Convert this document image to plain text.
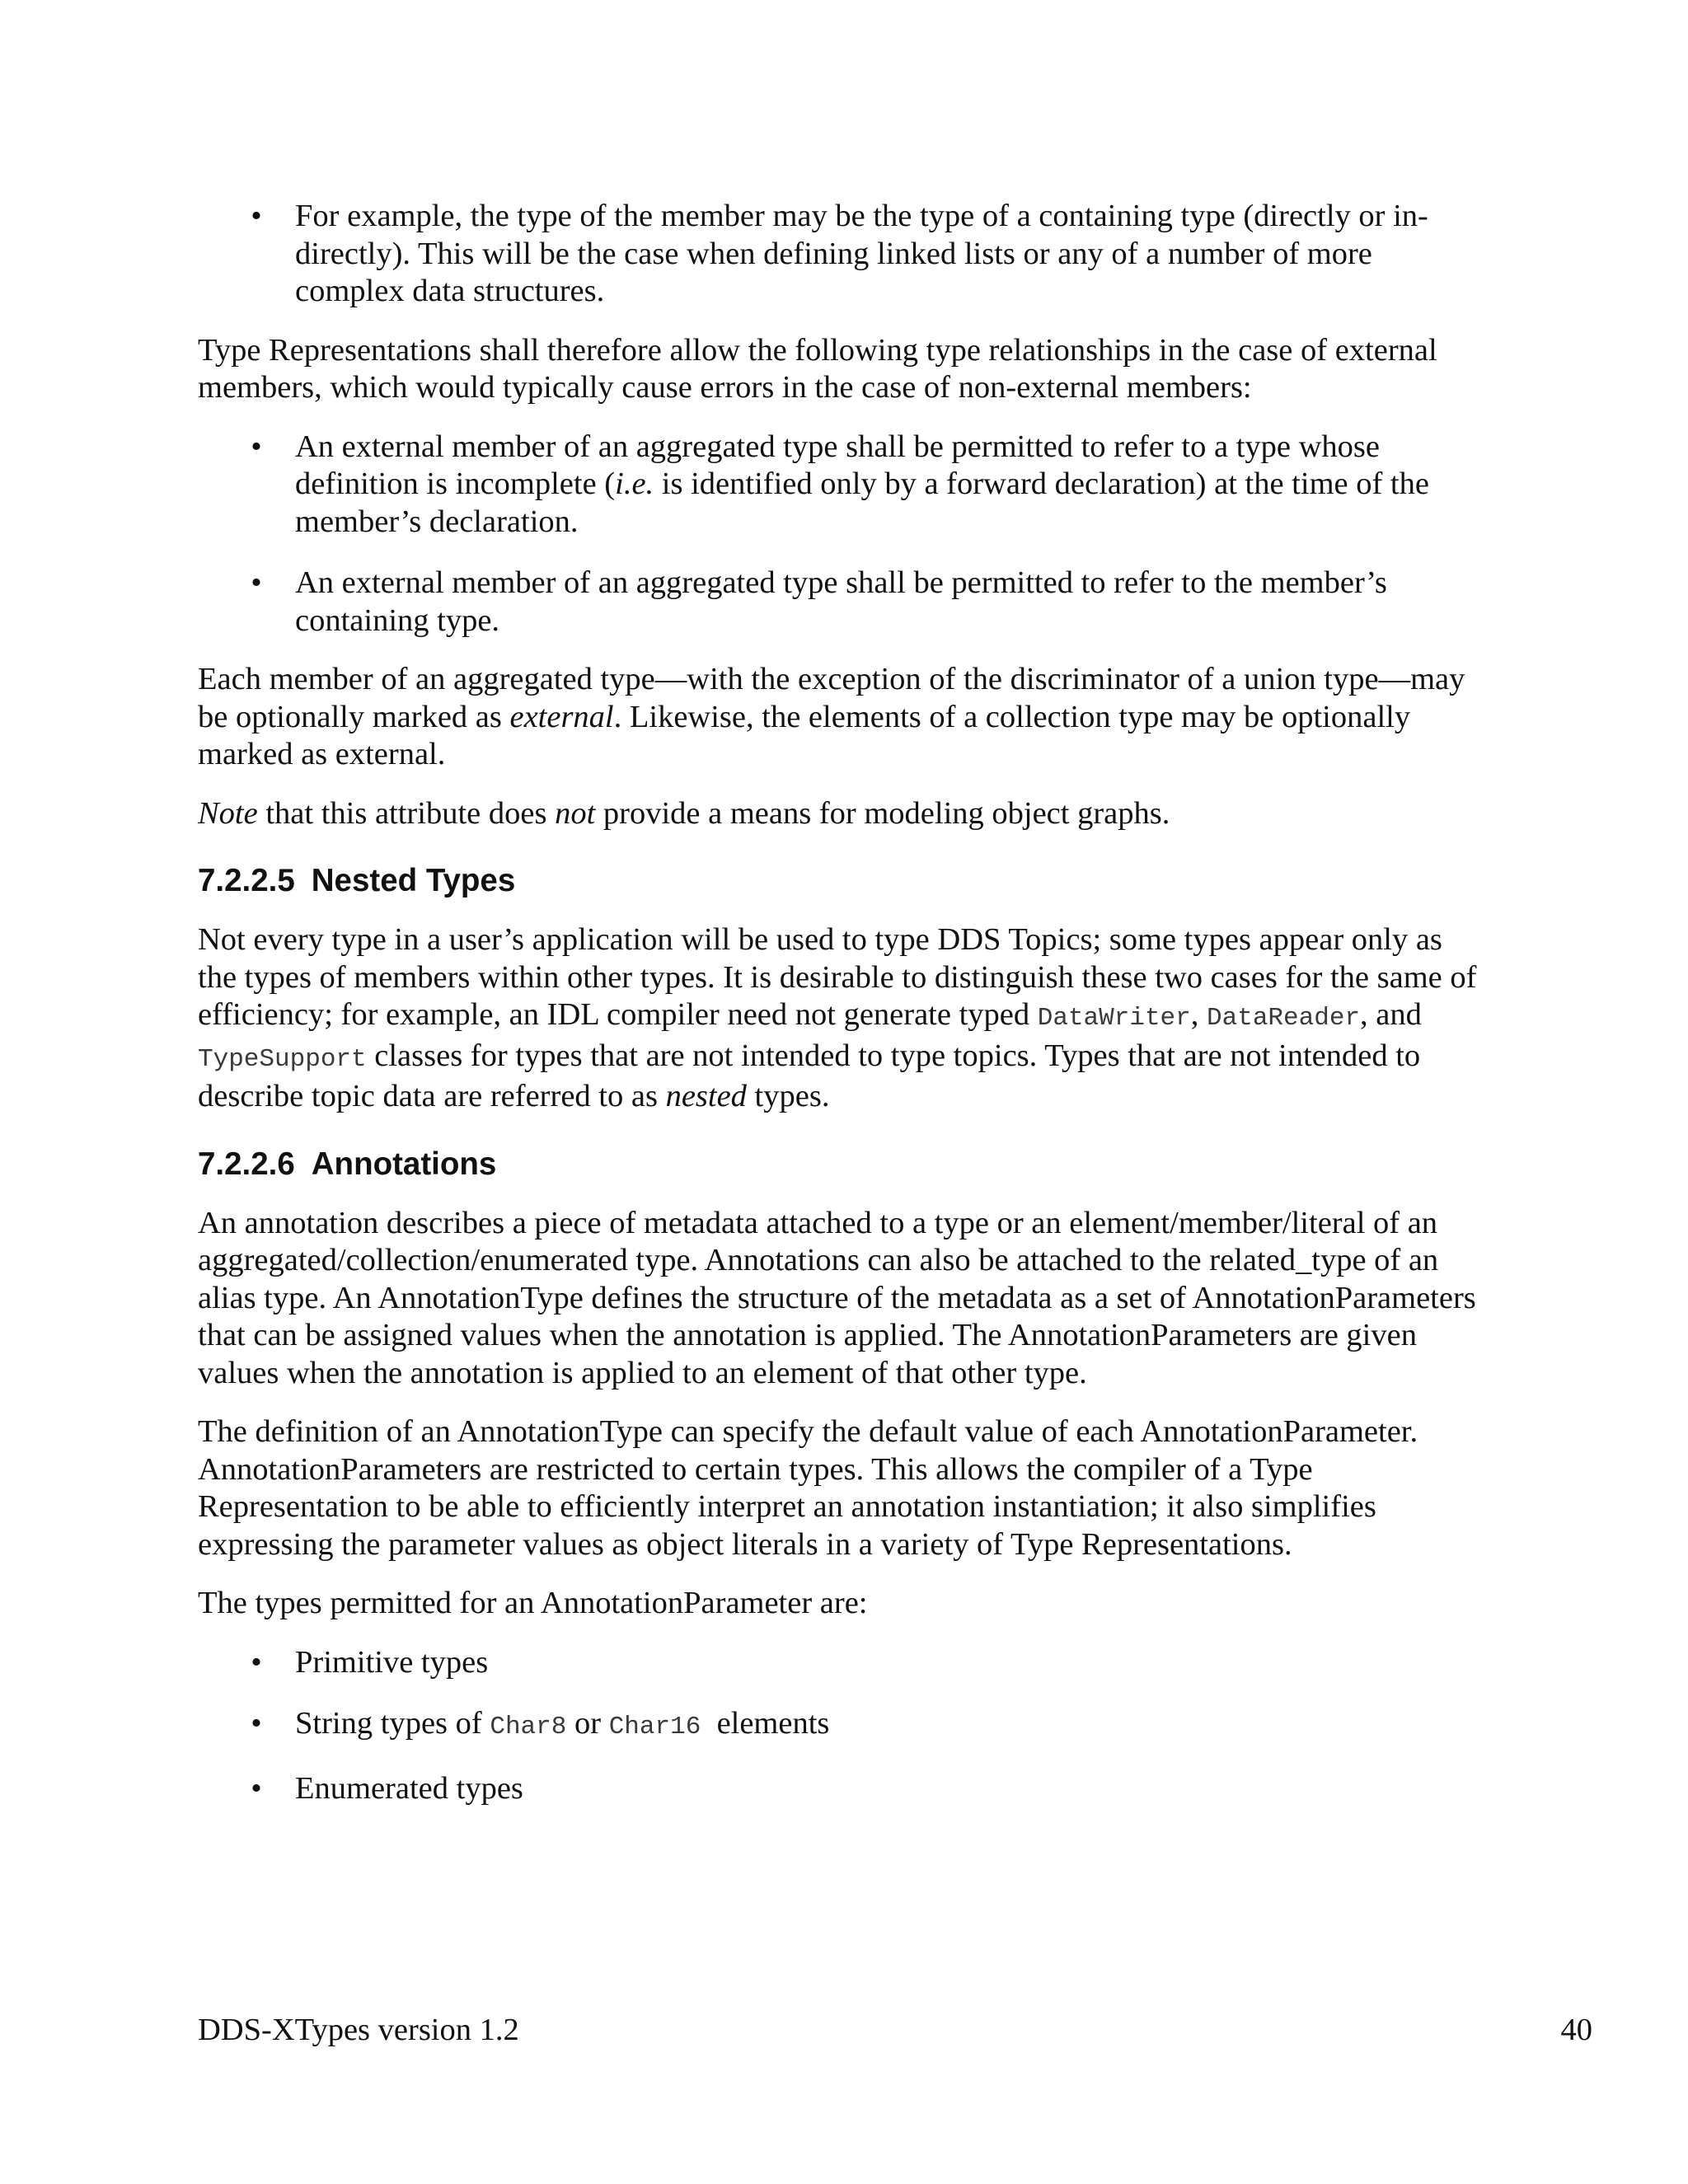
• For example, the type of the member may be the type of a containing type (directly or indirectly). This will be the case when defining linked lists or any of a number of more complex data structures.

Type Representations shall therefore allow the following type relationships in the case of external members, which would typically cause errors in the case of non-external members:

• An external member of an aggregated type shall be permitted to refer to a type whose definition is incomplete (i.e. is identified only by a forward declaration) at the time of the member’s declaration.
• An external member of an aggregated type shall be permitted to refer to the member’s containing type.

Each member of an aggregated type—with the exception of the discriminator of a union type—may be optionally marked as external. Likewise, the elements of a collection type may be optionally marked as external.

Note that this attribute does not provide a means for modeling object graphs.

7.2.2.5 Nested Types

Not every type in a user’s application will be used to type DDS Topics; some types appear only as the types of members within other types. It is desirable to distinguish these two cases for the same of efficiency; for example, an IDL compiler need not generate typed DataWriter, DataReader, and TypeSupport classes for types that are not intended to type topics. Types that are not intended to describe topic data are referred to as nested types.

7.2.2.6 Annotations

An annotation describes a piece of metadata attached to a type or an element/member/literal of an aggregated/collection/enumerated type. Annotations can also be attached to the related_type of an alias type. An AnnotationType defines the structure of the metadata as a set of AnnotationParameters that can be assigned values when the annotation is applied. The AnnotationParameters are given values when the annotation is applied to an element of that other type.

The definition of an AnnotationType can specify the default value of each AnnotationParameter. AnnotationParameters are restricted to certain types. This allows the compiler of a Type Representation to be able to efficiently interpret an annotation instantiation; it also simplifies expressing the parameter values as object literals in a variety of Type Representations.

The types permitted for an AnnotationParameter are:

• Primitive types
• String types of Char8 or Char16  elements
• Enumerated types
DDS-XTypes version 1.2	40
